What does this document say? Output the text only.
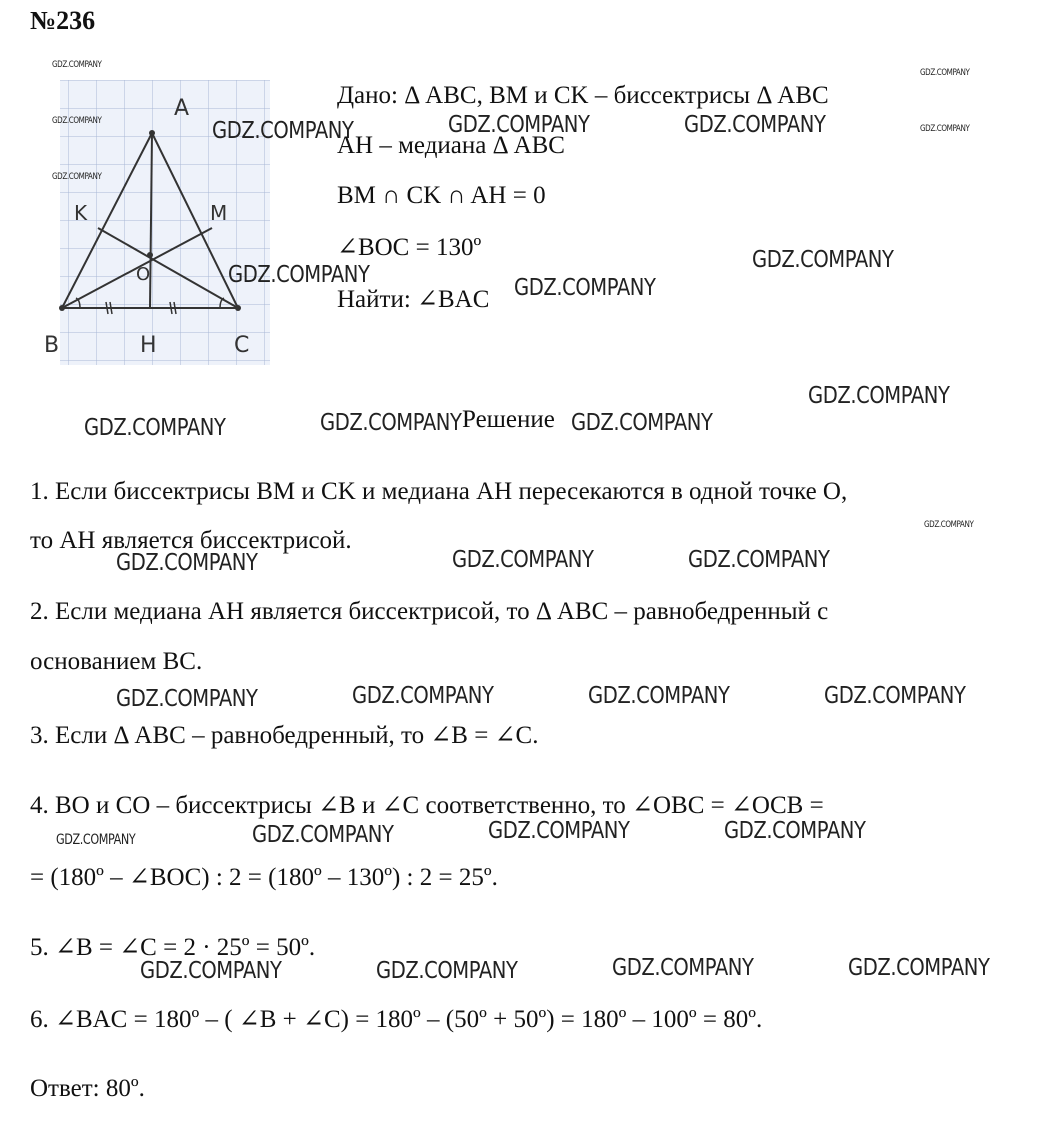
№236
A
B	C
H
K	M
O
Дано: Δ ABC, BM и CK – биссектрисы Δ ABC
AH – медиана Δ ABC
BM ∩ CK ∩ AH = 0
∠BOC = 130º
Найти: ∠BAC
Решение
1. Если биссектрисы BM и CK и медиана AH пересекаются в одной точке O,
то AH является биссектрисой.
2. Если медиана AH является биссектрисой, то Δ ABC – равнобедренный с
основанием BC.
3. Если Δ ABC – равнобедренный, то ∠B = ∠C.
4. BO и CO – биссектрисы ∠B и ∠C соответственно, то ∠OBC = ∠OCB =
= (180º – ∠BOC) : 2 = (180º – 130º) : 2 = 25º.
5. ∠B = ∠C = 2 · 25º = 50º.
6. ∠BAC = 180º – ( ∠B + ∠C) = 180º – (50º + 50º) = 180º – 100º = 80º.
Ответ: 80º.
GDZ.COMPANY
GDZ.COMPANY
GDZ.COMPANY
GDZ.COMPANY
GDZ.COMPANY
GDZ.COMPANY
GDZ.COMPANY
GDZ.COMPANY	GDZ.COMPANY	GDZ.COMPANY
GDZ.COMPANY	GDZ.COMPANY
GDZ.COMPANY
GDZ.COMPANY
GDZ.COMPANY	GDZ.COMPANY	GDZ.COMPANY
GDZ.COMPANY	GDZ.COMPANY	GDZ.COMPANY
GDZ.COMPANY	GDZ.COMPANY	GDZ.COMPANY	GDZ.COMPANY
GDZ.COMPANY	GDZ.COMPANY	GDZ.COMPANY
GDZ.COMPANY	GDZ.COMPANY	GDZ.COMPANY	GDZ.COMPANY
